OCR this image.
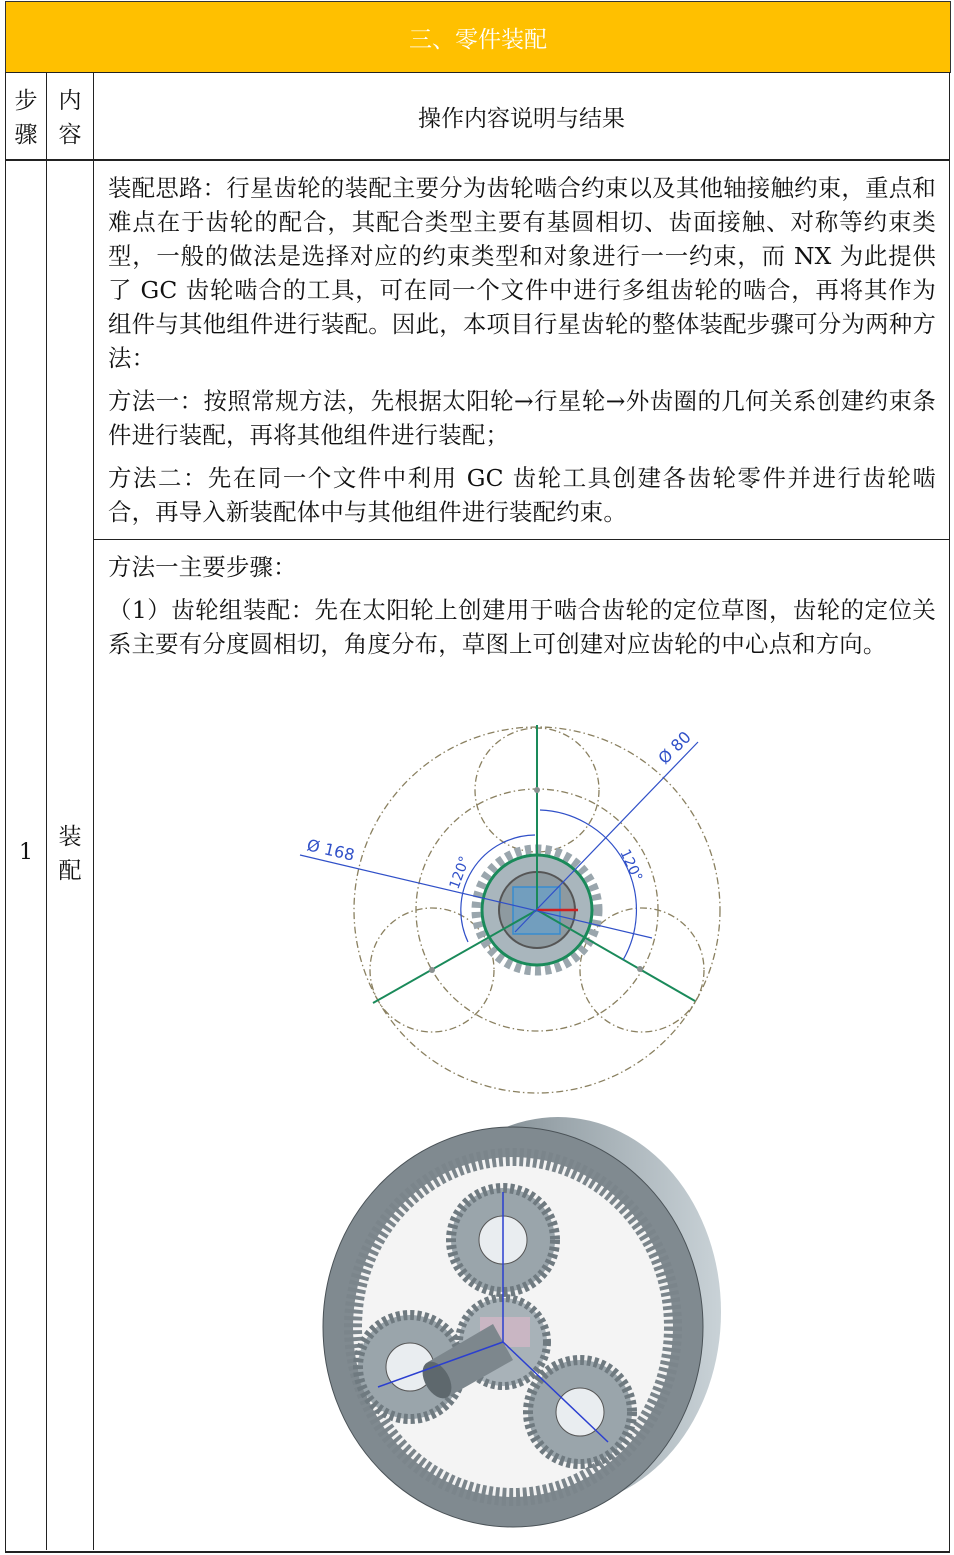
三、零件装配
步
骤
内
容
操作内容说明与结果
1
装
配

装配思路：行星齿轮的装配主要分为齿轮啮合约束以及其他轴接触约束，重点和难点在于齿轮的配合，其配合类型主要有基圆相切、齿面接触、对称等约束类型，一般的做法是选择对应的约束类型和对象进行一一约束，而 NX 为此提供了 GC 齿轮啮合的工具，可在同一个文件中进行多组齿轮的啮合，再将其作为组件与其他组件进行装配。因此，本项目行星齿轮的整体装配步骤可分为两种方法：

方法一：按照常规方法，先根据太阳轮→行星轮→外齿圈的几何关系创建约束条件进行装配，再将其他组件进行装配；

方法二：先在同一个文件中利用 GC 齿轮工具创建各齿轮零件并进行齿轮啮合，再导入新装配体中与其他组件进行装配约束。

方法一主要步骤：

（1）齿轮组装配：先在太阳轮上创建用于啮合齿轮的定位草图，齿轮的定位关系主要有分度圆相切，角度分布，草图上可创建对应齿轮的中心点和方向。

Ø 168
Ø 80
120°	120°
